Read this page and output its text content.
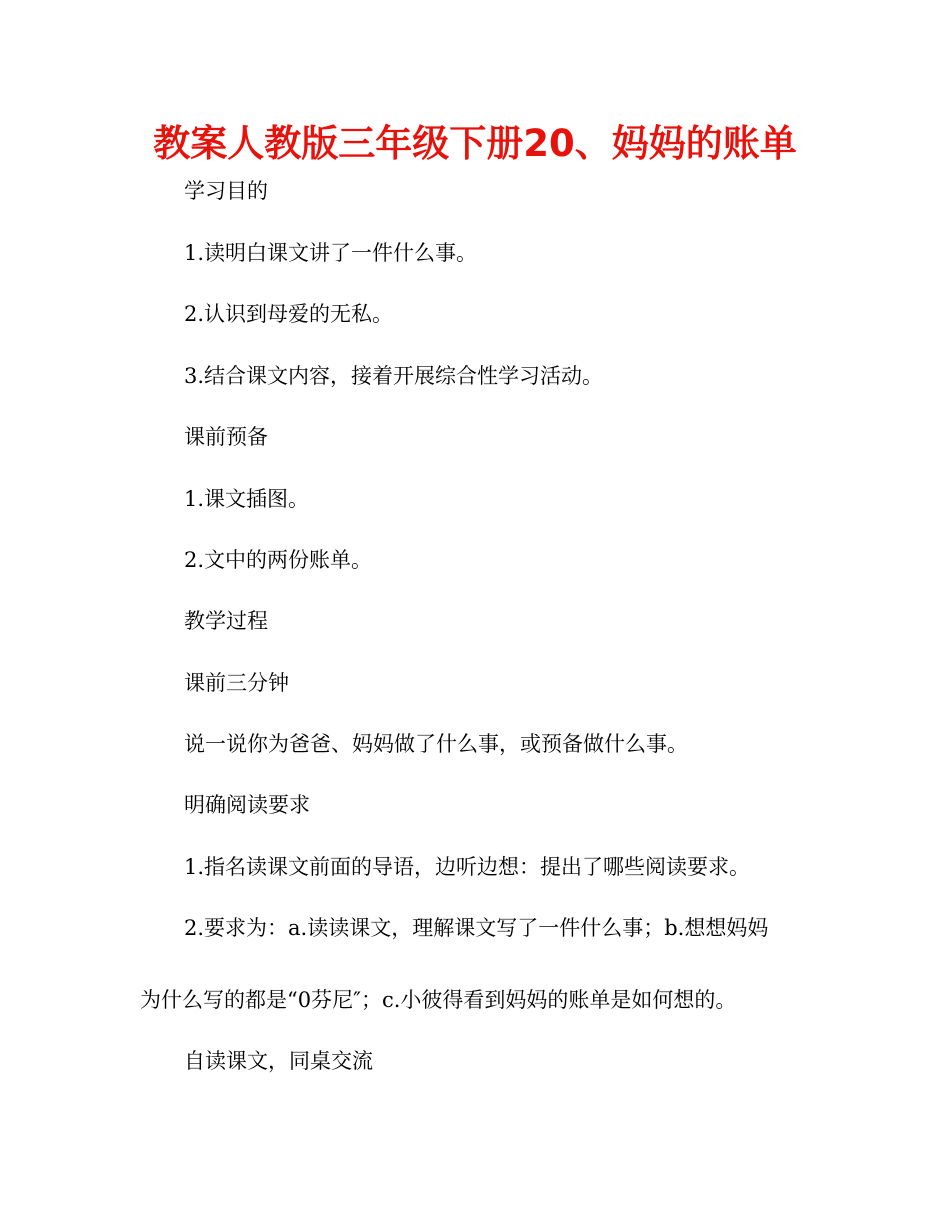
教案人教版三年级下册20、妈妈的账单
学习目的
1.读明白课文讲了一件什么事。
2.认识到母爱的无私。
3.结合课文内容，接着开展综合性学习活动。
课前预备
1.课文插图。
2.文中的两份账单。
教学过程
课前三分钟
说一说你为爸爸、妈妈做了什么事，或预备做什么事。
明确阅读要求
1.指名读课文前面的导语，边听边想：提出了哪些阅读要求。
2.要求为：a.读读课文，理解课文写了一件什么事；b.想想妈妈
为什么写的都是“0芬尼″；c.小彼得看到妈妈的账单是如何想的。
自读课文，同桌交流
